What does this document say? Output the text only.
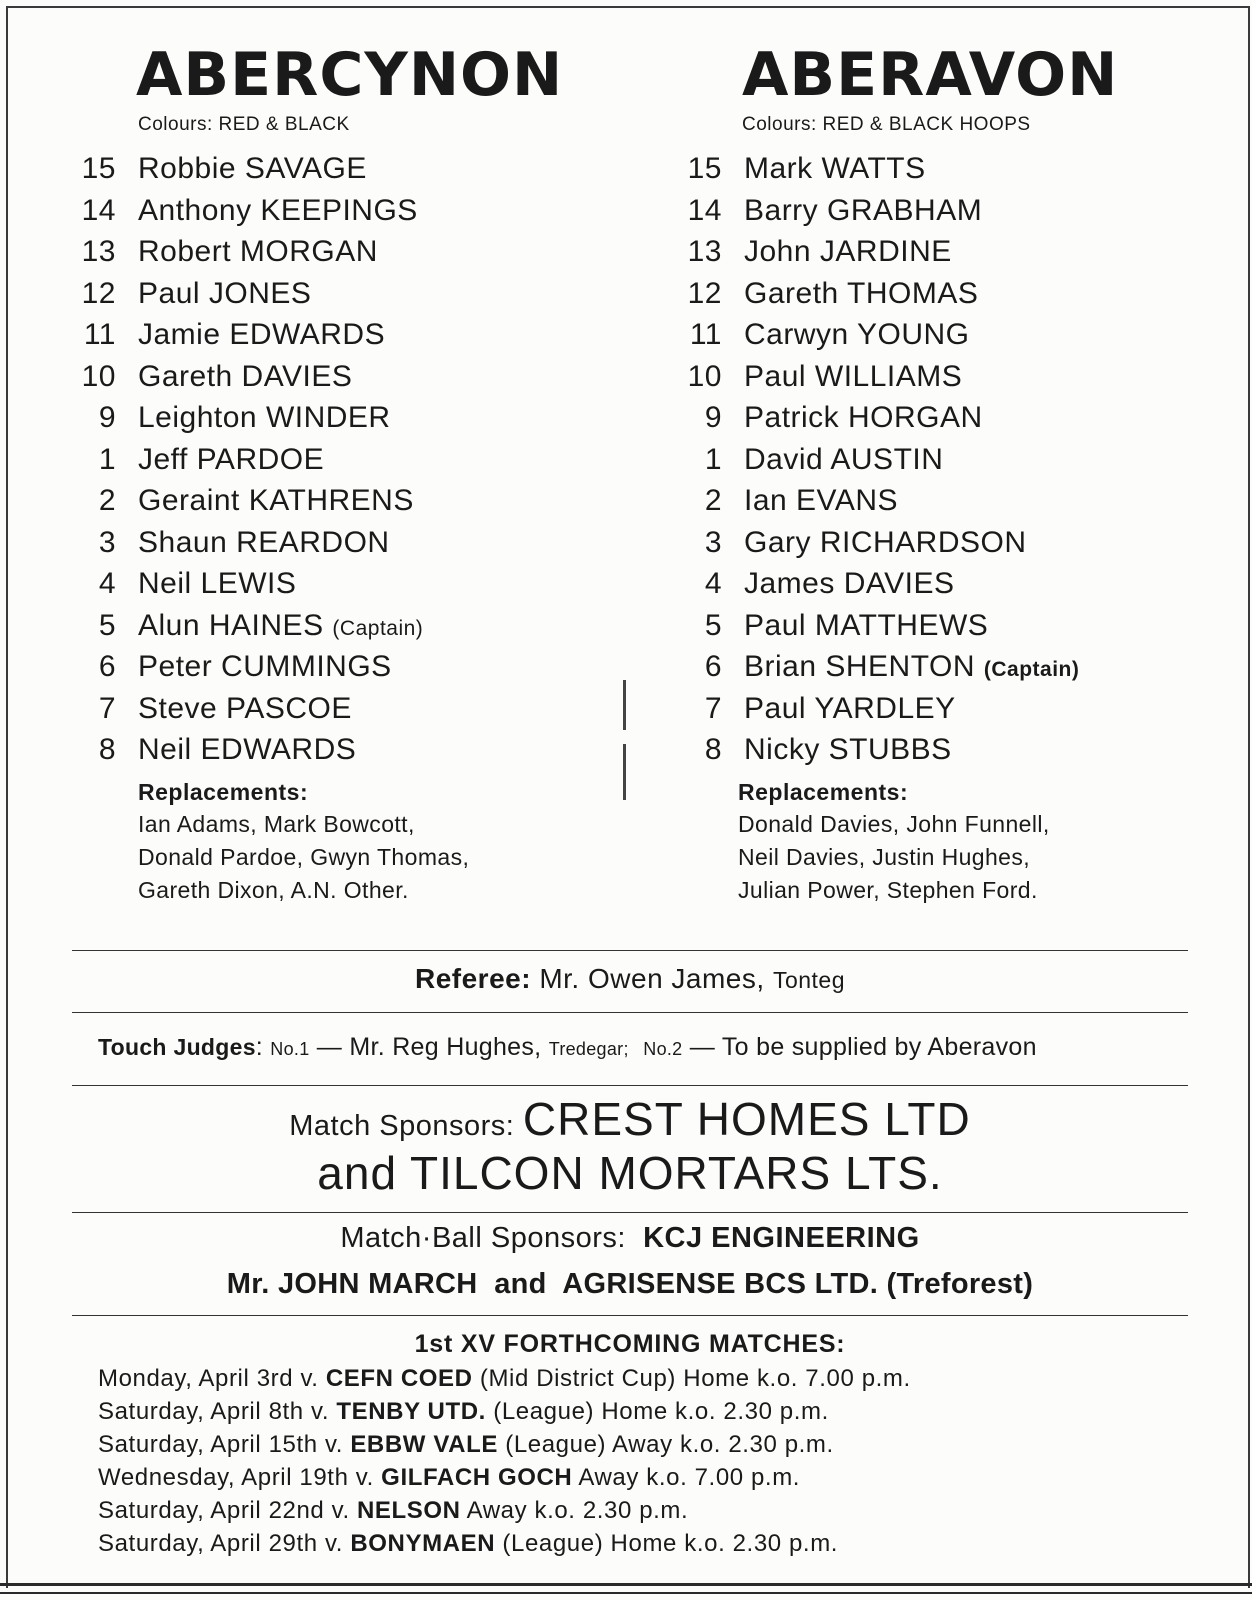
ABERCYNON
Colours: RED & BLACK
15 Robbie SAVAGE
14 Anthony KEEPINGS
13 Robert MORGAN
12 Paul JONES
11 Jamie EDWARDS
10 Gareth DAVIES
9 Leighton WINDER
1 Jeff PARDOE
2 Geraint KATHRENS
3 Shaun REARDON
4 Neil LEWIS
5 Alun HAINES (Captain)
6 Peter CUMMINGS
7 Steve PASCOE
8 Neil EDWARDS
Replacements:
Ian Adams, Mark Bowcott,
Donald Pardoe, Gwyn Thomas,
Gareth Dixon, A.N. Other.
ABERAVON
Colours: RED & BLACK HOOPS
15 Mark WATTS
14 Barry GRABHAM
13 John JARDINE
12 Gareth THOMAS
11 Carwyn YOUNG
10 Paul WILLIAMS
9 Patrick HORGAN
1 David AUSTIN
2 Ian EVANS
3 Gary RICHARDSON
4 James DAVIES
5 Paul MATTHEWS
6 Brian SHENTON (Captain)
7 Paul YARDLEY
8 Nicky STUBBS
Replacements:
Donald Davies, John Funnell,
Neil Davies, Justin Hughes,
Julian Power, Stephen Ford.
Referee: Mr. Owen James, Tonteg
Touch Judges: No.1 — Mr. Reg Hughes, Tredegar; No.2 — To be supplied by Aberavon
Match Sponsors: CREST HOMES LTD
and TILCON MORTARS LTS.
Match·Ball Sponsors: KCJ ENGINEERING
Mr. JOHN MARCH  and  AGRISENSE BCS LTD. (Treforest)
1st XV FORTHCOMING MATCHES:
Monday, April 3rd v. CEFN COED (Mid District Cup) Home k.o. 7.00 p.m.
Saturday, April 8th v. TENBY UTD. (League) Home k.o. 2.30 p.m.
Saturday, April 15th v. EBBW VALE (League) Away k.o. 2.30 p.m.
Wednesday, April 19th v. GILFACH GOCH Away k.o. 7.00 p.m.
Saturday, April 22nd v. NELSON Away k.o. 2.30 p.m.
Saturday, April 29th v. BONYMAEN (League) Home k.o. 2.30 p.m.
